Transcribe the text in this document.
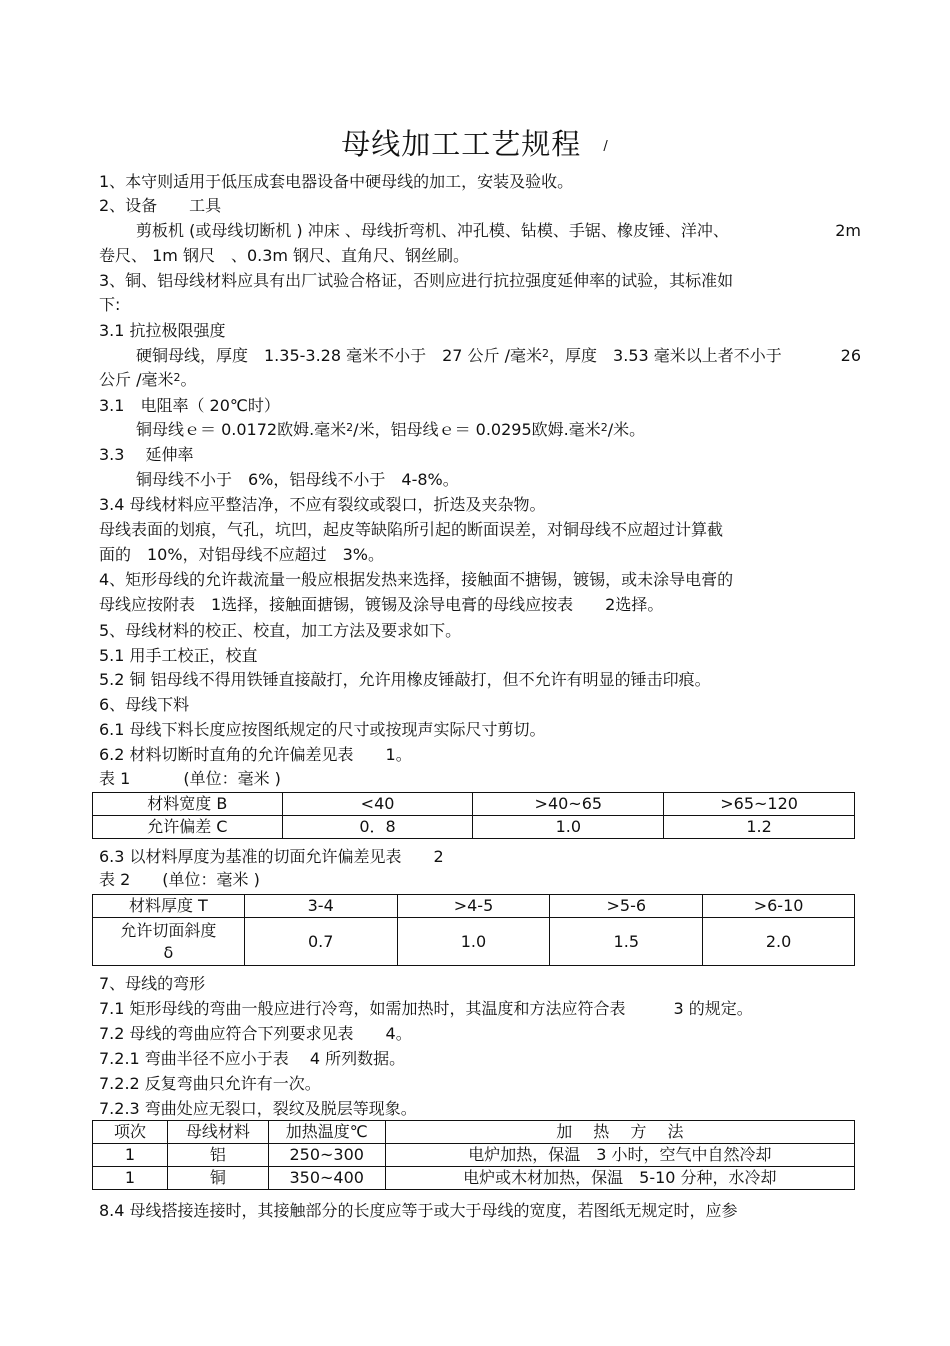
母线加工工艺规程 /
1、本守则适用于低压成套电器设备中硬母线的加工，安装及验收。
2、设备　　工具
剪板机 (或母线切断机 ) 冲床 、母线折弯机、冲孔模、钻模、手锯、橡皮锤、洋冲、	2m
卷尺、 1m 钢尺　、0.3m 钢尺、直角尺、钢丝刷。
3、铜、铝母线材料应具有出厂试验合格证，否则应进行抗拉强度延伸率的试验，其标准如
下:
3.1 抗拉极限强度
硬铜母线，厚度　1.35-3.28 毫米不小于　27 公斤 /毫米$^2$，厚度　3.53 毫米以上者不小于	26
公斤 /毫米$^2$。
3.1　电阻率（ 20℃时）
铜母线ｅ＝ 0.0172欧姆.毫米$^2$/米，铝母线ｅ＝ 0.0295欧姆.毫米$^2$/米。
3.3　 延伸率
铜母线不小于　6%，铝母线不小于　4-8%。
3.4 母线材料应平整洁净，不应有裂纹或裂口，折迭及夹杂物。
母线表面的划痕，气孔，坑凹，起皮等缺陷所引起的断面误差，对铜母线不应超过计算截
面的　10%，对铝母线不应超过　3%。
4、矩形母线的允许裁流量一般应根据发热来选择，接触面不搪锡，镀锡，或未涂导电膏的
母线应按附表　1选择，接触面搪锡，镀锡及涂导电膏的母线应按表　　2选择。
5、母线材料的校正、校直，加工方法及要求如下。
5.1 用手工校正，校直
5.2 铜 铝母线不得用铁锤直接敲打，允许用橡皮锤敲打，但不允许有明显的锤击印痕。
6、母线下料
6.1 母线下料长度应按图纸规定的尺寸或按现声实际尺寸剪切。
6.2 材料切断时直角的允许偏差见表　　1。
表 1　　　 (单位：毫米 )
材料宽度 B	<40	>40~65	>65~120
允许偏差 C	0．8	1.0	1.2
6.3 以材料厚度为基准的切面允许偏差见表　　2
表 2　　(单位：毫米 )
材料厚度 T	3-4	>4-5	>5-6	>6-10

允许切面斜度
δ	0.7	1.0	1.5	2.0
7、母线的弯形
7.1 矩形母线的弯曲一般应进行冷弯，如需加热时，其温度和方法应符合表　　　3 的规定。
7.2 母线的弯曲应符合下列要求见表　　4。
7.2.1 弯曲半径不应小于表　 4 所列数据。
7.2.2 反复弯曲只允许有一次。
7.2.3 弯曲处应无裂口，裂纹及脱层等现象。
项次	母线材料	加热温度℃	加　 热　 方　 法
1	铝	250~300	电炉加热，保温　3 小时，空气中自然冷却
1	铜	350~400	电炉或木材加热，保温　5-10 分种，水冷却
8.4 母线搭接连接时，其接触部分的长度应等于或大于母线的宽度，若图纸无规定时，应参
